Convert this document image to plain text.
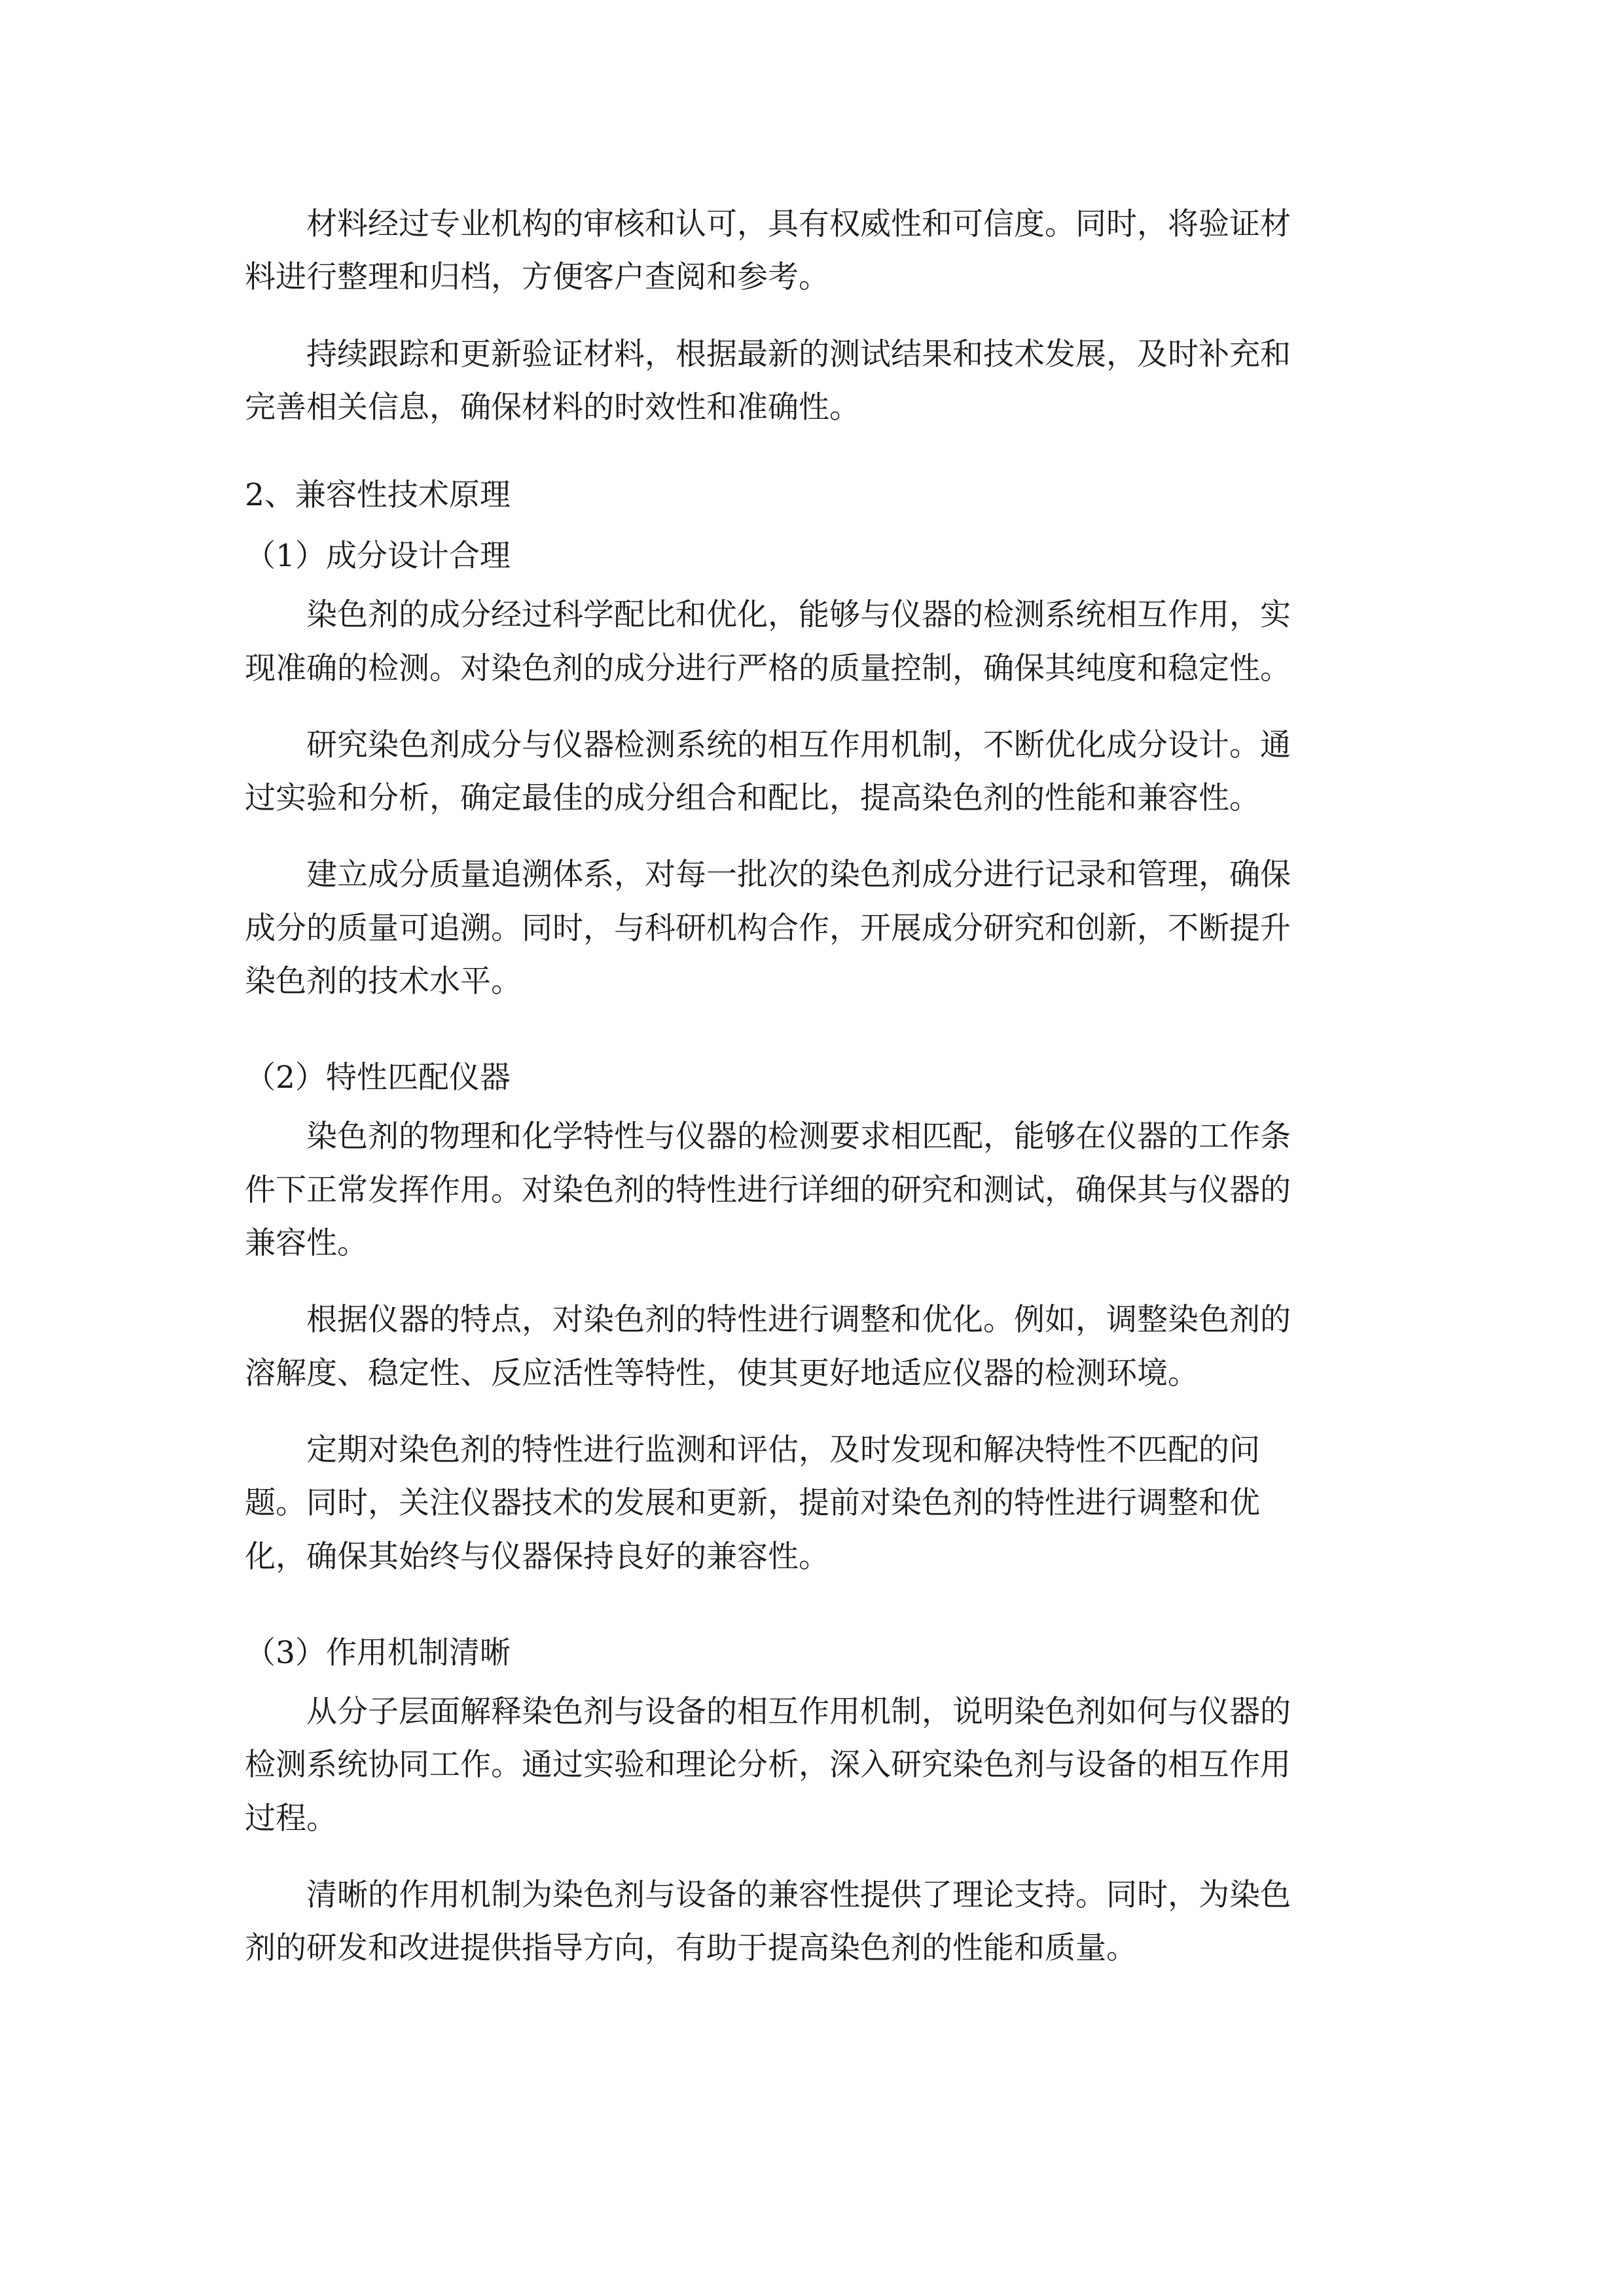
材料经过专业机构的审核和认可，具有权威性和可信度。同时，将验证材
料进行整理和归档，方便客户查阅和参考。
持续跟踪和更新验证材料，根据最新的测试结果和技术发展，及时补充和
完善相关信息，确保材料的时效性和准确性。
2、兼容性技术原理
（1）成分设计合理
染色剂的成分经过科学配比和优化，能够与仪器的检测系统相互作用，实
现准确的检测。对染色剂的成分进行严格的质量控制，确保其纯度和稳定性。
研究染色剂成分与仪器检测系统的相互作用机制，不断优化成分设计。通
过实验和分析，确定最佳的成分组合和配比，提高染色剂的性能和兼容性。
建立成分质量追溯体系，对每一批次的染色剂成分进行记录和管理，确保
成分的质量可追溯。同时，与科研机构合作，开展成分研究和创新，不断提升
染色剂的技术水平。
（2）特性匹配仪器
染色剂的物理和化学特性与仪器的检测要求相匹配，能够在仪器的工作条
件下正常发挥作用。对染色剂的特性进行详细的研究和测试，确保其与仪器的
兼容性。
根据仪器的特点，对染色剂的特性进行调整和优化。例如，调整染色剂的
溶解度、稳定性、反应活性等特性，使其更好地适应仪器的检测环境。
定期对染色剂的特性进行监测和评估，及时发现和解决特性不匹配的问
题。同时，关注仪器技术的发展和更新，提前对染色剂的特性进行调整和优
化，确保其始终与仪器保持良好的兼容性。
（3）作用机制清晰
从分子层面解释染色剂与设备的相互作用机制，说明染色剂如何与仪器的
检测系统协同工作。通过实验和理论分析，深入研究染色剂与设备的相互作用
过程。
清晰的作用机制为染色剂与设备的兼容性提供了理论支持。同时，为染色
剂的研发和改进提供指导方向，有助于提高染色剂的性能和质量。
